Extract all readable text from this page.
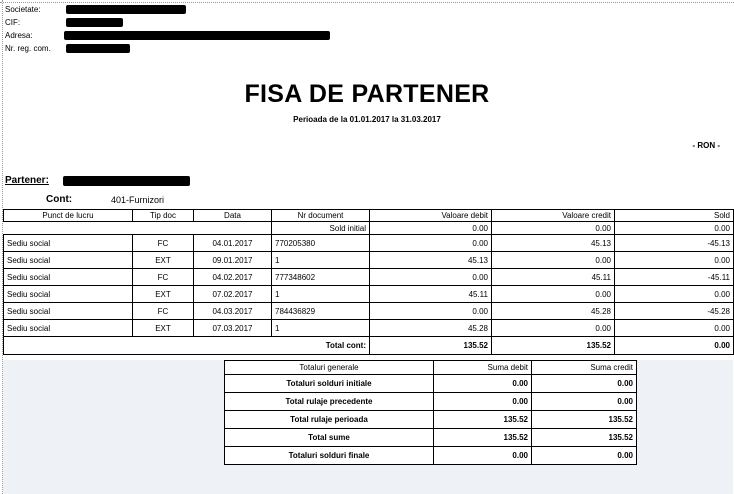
Societate:
CIF:
Adresa:
Nr. reg. com.
FISA DE PARTENER
Perioada de la 01.01.2017 la 31.03.2017
- RON -
Partener:
Cont:	401-Furnizori
Punct de lucru	Tip doc	Data	Nr document	Valoare debit	Valoare credit	Sold
			Sold initial	0.00	0.00	0.00
Sediu social	FC	04.01.2017	770205380	0.00	45.13	-45.13
Sediu social	EXT	09.01.2017	1	45.13	0.00	0.00
Sediu social	FC	04.02.2017	777348602	0.00	45.11	-45.11
Sediu social	EXT	07.02.2017	1	45.11	0.00	0.00
Sediu social	FC	04.03.2017	784436829	0.00	45.28	-45.28
Sediu social	EXT	07.03.2017	1	45.28	0.00	0.00
			Total cont:	135.52	135.52	0.00
Totaluri generale	Suma debit	Suma credit
Totaluri solduri initiale	0.00	0.00
Total rulaje precedente	0.00	0.00
Total rulaje perioada	135.52	135.52
Total sume	135.52	135.52
Totaluri solduri finale	0.00	0.00
